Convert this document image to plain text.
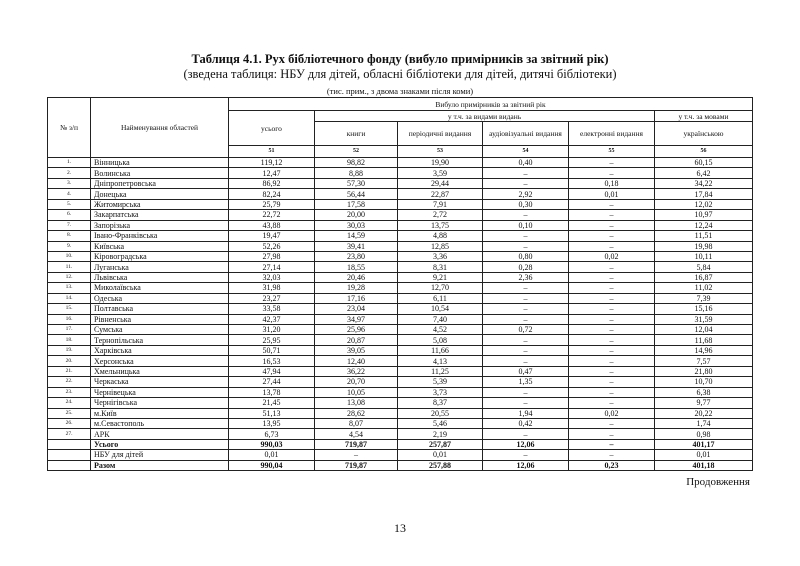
Таблиця 4.1. Рух бібліотечного фонду (вибуло примірників за звітний рік)
(зведена таблиця: НБУ для дітей, обласні бібліотеки для дітей, дитячі бібліотеки)
(тис. прим., з двома знаками після коми)
№ з/п	Найменування областей	Вибуло примірників за звітний рік					
		усього	у т.ч. за видами видань				у т.ч. за мовами
			книги	періодичні видання	аудіовізуальні видання	електронні видання	українською
		51	52	53	54	55	56
1.	Вінницька	119,12	98,82	19,90	0,40	–	60,15
2.	Волинська	12,47	8,88	3,59	–	–	6,42
3.	Дніпропетровська	86,92	57,30	29,44	–	0,18	34,22
4.	Донецька	82,24	56,44	22,87	2,92	0,01	17,84
5.	Житомирська	25,79	17,58	7,91	0,30	–	12,02
6.	Закарпатська	22,72	20,00	2,72	–	–	10,97
7.	Запорізька	43,88	30,03	13,75	0,10	–	12,24
8.	Івано-Франківська	19,47	14,59	4,88	–	–	11,51
9.	Київська	52,26	39,41	12,85	–	–	19,98
10.	Кіровоградська	27,98	23,80	3,36	0,80	0,02	10,11
11.	Луганська	27,14	18,55	8,31	0,28	–	5,84
12.	Львівська	32,03	20,46	9,21	2,36	–	16,87
13.	Миколаївська	31,98	19,28	12,70	–	–	11,02
14.	Одеська	23,27	17,16	6,11	–	–	7,39
15.	Полтавська	33,58	23,04	10,54	–	–	15,16
16.	Рівненська	42,37	34,97	7,40	–	–	31,59
17.	Сумська	31,20	25,96	4,52	0,72	–	12,04
18.	Тернопільська	25,95	20,87	5,08	–	–	11,68
19.	Харківська	50,71	39,05	11,66	–	–	14,96
20.	Херсонська	16,53	12,40	4,13	–	–	7,57
21.	Хмельницька	47,94	36,22	11,25	0,47	–	21,80
22.	Черкаська	27,44	20,70	5,39	1,35	–	10,70
23.	Чернівецька	13,78	10,05	3,73	–	–	6,38
24.	Чернігівська	21,45	13,08	8,37	–	–	9,77
25.	м.Київ	51,13	28,62	20,55	1,94	0,02	20,22
26.	м.Севастополь	13,95	8,07	5,46	0,42	–	1,74
27.	АРК	6,73	4,54	2,19	–	–	0,98
	Усього	990,03	719,87	257,87	12,06	–	401,17
	НБУ для дітей	0,01	–	0,01	–	–	0,01
	Разом	990,04	719,87	257,88	12,06	0,23	401,18
Продовження
13
